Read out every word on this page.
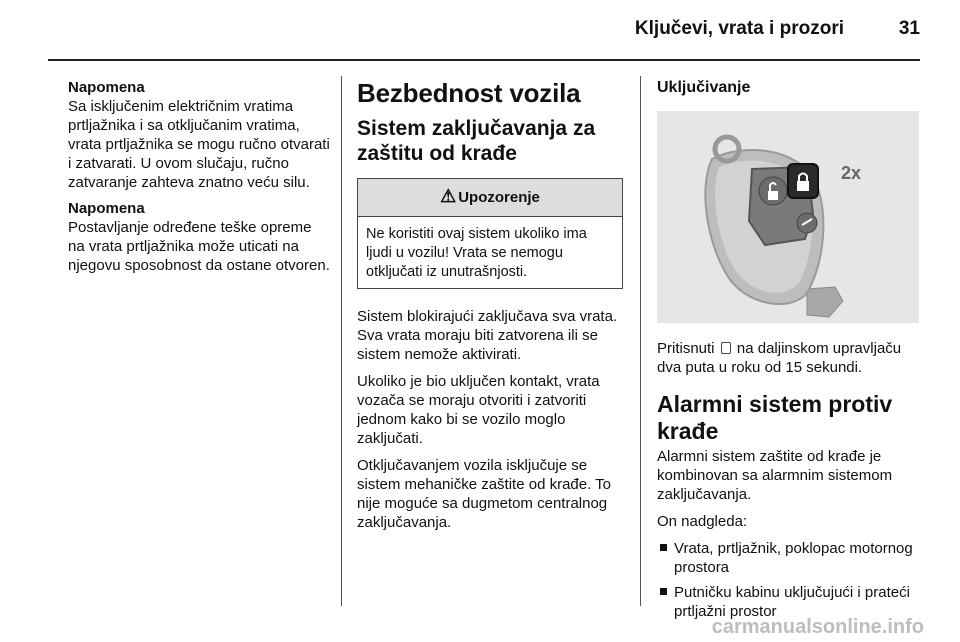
Ključevi, vrata i prozori	31
Napomena
Sa isključenim električnim vratima prtljažnika i sa otključanim vratima, vrata prtljažnika se mogu ručno otvarati i zatvarati. U ovom slučaju, ručno zatvaranje zahteva znatno veću silu.
Napomena
Postavljanje određene teške opreme na vrata prtljažnika može uticati na njegovu sposobnost da ostane otvoren.
Bezbednost vozila
Sistem zaključavanja za zaštitu od krađe
⚠ Upozorenje
Ne koristiti ovaj sistem ukoliko ima ljudi u vozilu! Vrata se nemogu otključati iz unutrašnjosti.

Sistem blokirajući zaključava sva vrata. Sva vrata moraju biti zatvorena ili se sistem nemože aktivirati.

Ukoliko je bio uključen kontakt, vrata vozača se moraju otvoriti i zatvoriti jednom kako bi se vozilo moglo zaključati.

Otključavanjem vozila isključuje se sistem mehaničke zaštite od krađe. To nije moguće sa dugmetom centralnog zaključavanja.

Uključivanje
2x

Pritisnuti na daljinskom upravljaču dva puta u roku od 15 sekundi.

Alarmni sistem protiv krađe

Alarmni sistem zaštite od krađe je kombinovan sa alarmnim sistemom zaključavanja.

On nadgleda:

Vrata, prtljažnik, poklopac motornog prostora
Putničku kabinu uključujući i prateći prtljažni prostor
carmanualsonline.info
